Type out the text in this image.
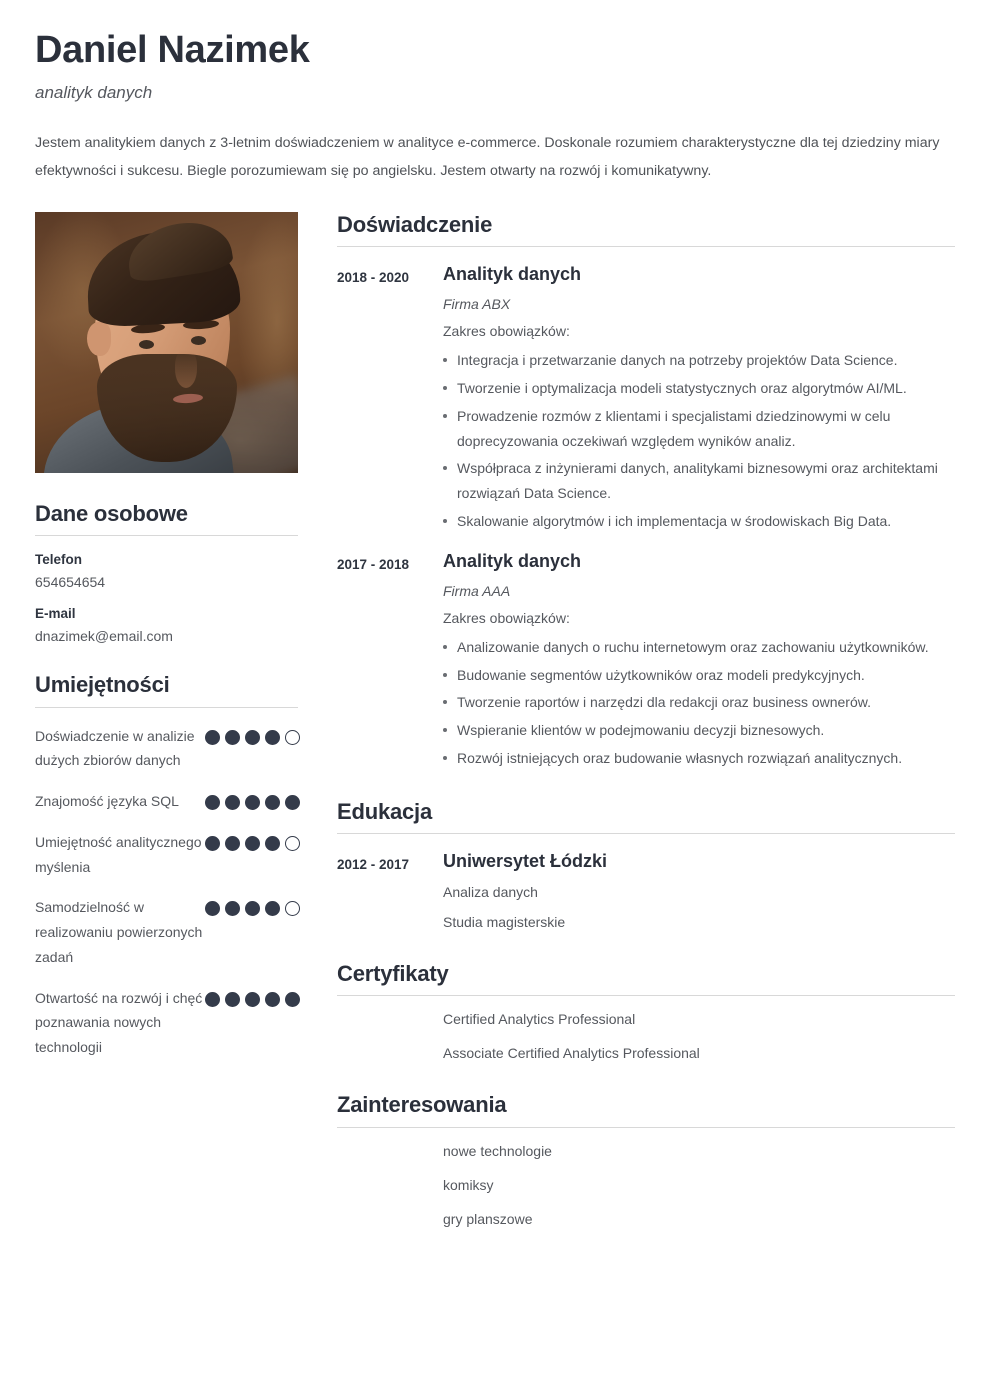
Daniel Nazimek
analityk danych

Jestem analitykiem danych z 3-letnim doświadczeniem w analityce e-commerce. Doskonale rozumiem charakterystyczne dla tej dziedziny miary efektywności i sukcesu. Biegle porozumiewam się po angielsku. Jestem otwarty na rozwój i komunikatywny.

Dane osobowe
Telefon
654654654
E-mail
dnazimek@email.com
Umiejętności
Doświadczenie w analizie dużych zbiorów danych
Znajomość języka SQL
Umiejętność analitycznego myślenia
Samodzielność w realizowaniu powierzonych zadań
Otwartość na rozwój i chęć poznawania nowych technologii
Doświadczenie
2018 - 2020	Analityk danych
Firma ABX
Zakres obowiązków:
Integracja i przetwarzanie danych na potrzeby projektów Data Science.
Tworzenie i optymalizacja modeli statystycznych oraz algorytmów AI/ML.
Prowadzenie rozmów z klientami i specjalistami dziedzinowymi w celu doprecyzowania oczekiwań względem wyników analiz.
Współpraca z inżynierami danych, analitykami biznesowymi oraz architektami rozwiązań Data Science.
Skalowanie algorytmów i ich implementacja w środowiskach Big Data.
2017 - 2018	Analityk danych
Firma AAA
Zakres obowiązków:
Analizowanie danych o ruchu internetowym oraz zachowaniu użytkowników.
Budowanie segmentów użytkowników oraz modeli predykcyjnych.
Tworzenie raportów i narzędzi dla redakcji oraz business ownerów.
Wspieranie klientów w podejmowaniu decyzji biznesowych.
Rozwój istniejących oraz budowanie własnych rozwiązań analitycznych.
Edukacja
2012 - 2017	Uniwersytet Łódzki
Analiza danych
Studia magisterskie
Certyfikaty
Certified Analytics Professional
Associate Certified Analytics Professional
Zainteresowania
nowe technologie
komiksy
gry planszowe
